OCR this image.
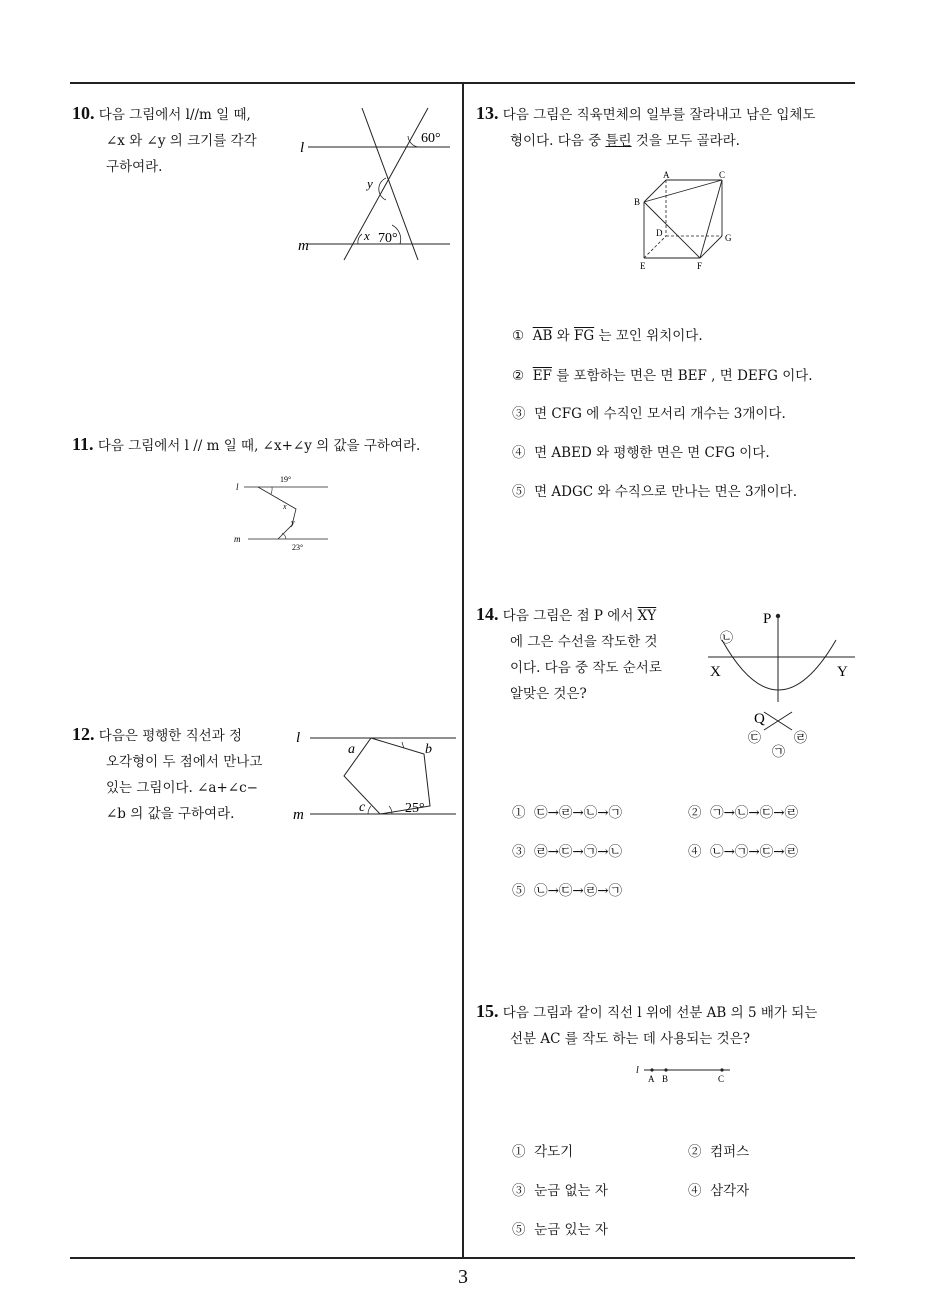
10. 다음 그림에서 l//m 일 때,
∠x 와 ∠y 의 크기를 각각
구하여라.
l
m
60°
70°
x
y
11. 다음 그림에서 l // m 일 때, ∠x+∠y 의 값을 구하여라.
l
m
19°
23°
x
y
12. 다음은 평행한 직선과 정
오각형이 두 점에서 만나고
있는 그림이다. ∠a+∠c−
∠b 의 값을 구하여라.
l
m
a	b
c	25°
13. 다음 그림은 직육면체의 일부를 잘라내고 남은 입체도
형이다. 다음 중 틀린 것을 모두 골라라.
A	C
B
D	G
E	F
① $\overline{AB}$ 와 $\overline{FG}$ 는 꼬인 위치이다.
② $\overline{EF}$ 를 포함하는 면은 면 BEF , 면 DEFG 이다.
③ 면 CFG 에 수직인 모서리 개수는 3개이다.
④ 면 ABED 와 평행한 면은 면 CFG 이다.
⑤ 면 ADGC 와 수직으로 만나는 면은 3개이다.
14. 다음 그림은 점 P 에서 $\overline{XY}$
에 그은 수선을 작도한 것
이다. 다음 중 작도 순서로
알맞은 것은?
P
X	Y
Q
㉡
㉢	㉣
㉠
① ㉢→㉣→㉡→㉠	② ㉠→㉡→㉢→㉣
③ ㉣→㉢→㉠→㉡	④ ㉡→㉠→㉢→㉣
⑤ ㉡→㉢→㉣→㉠
15. 다음 그림과 같이 직선 l 위에 선분 AB 의 5 배가 되는
선분 AC 를 작도 하는 데 사용되는 것은?
l
A B	C
① 각도기	② 컴퍼스
③ 눈금 없는 자	④ 삼각자
⑤ 눈금 있는 자
3
